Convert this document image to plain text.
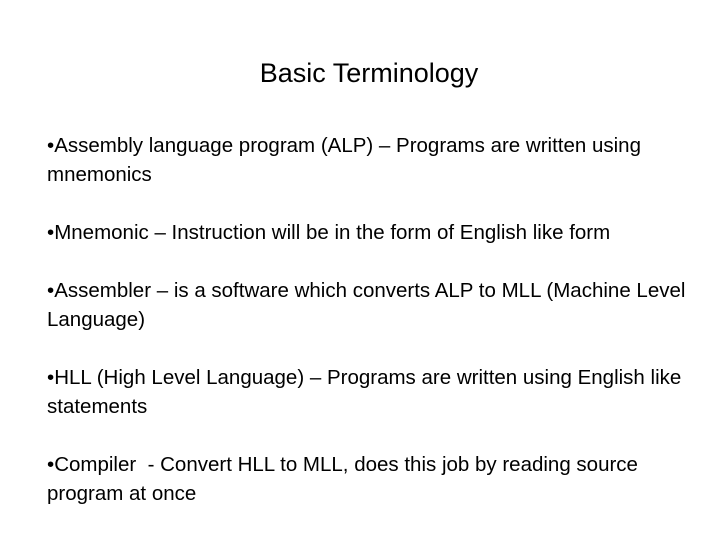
Basic Terminology
•Assembly language program (ALP) – Programs are written using mnemonics
•Mnemonic – Instruction will be in the form of English like form
•Assembler – is a software which converts ALP to MLL (Machine Level Language)
•HLL (High Level Language) – Programs are written using English like statements
•Compiler  - Convert HLL to MLL, does this job by reading source program at once
